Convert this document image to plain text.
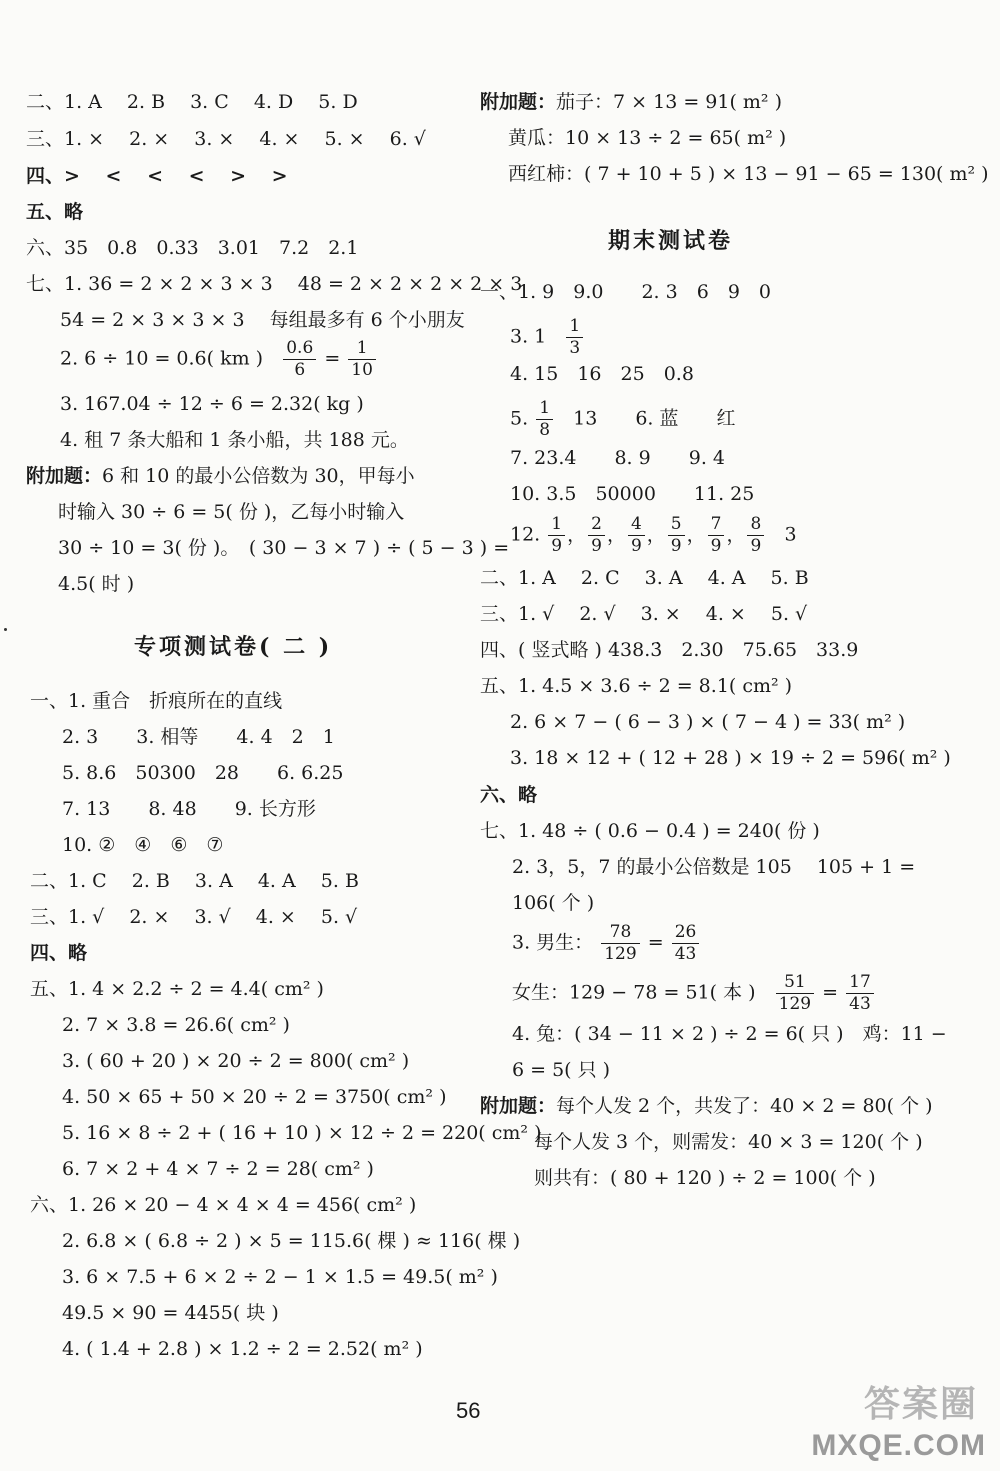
二、1. A　 2. B　 3. C　 4. D　 5. D
三、1. ×　 2. ×　 3. ×　 4. ×　 5. ×　 6. √
四、>　 <　 <　 <　 >　 >
五、略
六、35　0.8　0.33　3.01　7.2　2.1
七、1. 36 = 2 × 2 × 3 × 3　 48 = 2 × 2 × 2 × 2 × 3
54 = 2 × 3 × 3 × 3　 每组最多有 6 个小朋友
2. 6 ÷ 10 = 0.6( km ) $\frac{0.6}{6} = \frac{1}{10}$
3. 167.04 ÷ 12 ÷ 6 = 2.32( kg )
4. 租 7 条大船和 1 条小船，共 188 元。
附加题：6 和 10 的最小公倍数为 30，甲每小
时输入 30 ÷ 6 = 5( 份 )，乙每小时输入
30 ÷ 10 = 3( 份 )。　( 30 − 3 × 7 ) ÷ ( 5 − 3 ) =
4.5( 时 )
专项测试卷( 二 )
一、1. 重合　折痕所在的直线
2. 3　　3. 相等　　4. 4　2　1
5. 8.6　50300　28　　6. 6.25
7. 13　　8. 48　　9. 长方形
10. ②　④　⑥　⑦
二、1. C　 2. B　 3. A　 4. A　 5. B
三、1. √　 2. ×　 3. √　 4. ×　 5. √
四、略
五、1. 4 × 2.2 ÷ 2 = 4.4( cm² )
2. 7 × 3.8 = 26.6( cm² )
3. ( 60 + 20 ) × 20 ÷ 2 = 800( cm² )
4. 50 × 65 + 50 × 20 ÷ 2 = 3750( cm² )
5. 16 × 8 ÷ 2 + ( 16 + 10 ) × 12 ÷ 2 = 220( cm² )
6. 7 × 2 + 4 × 7 ÷ 2 = 28( cm² )
六、1. 26 × 20 − 4 × 4 × 4 = 456( cm² )
2. 6.8 × ( 6.8 ÷ 2 ) × 5 = 115.6( 棵 ) ≈ 116( 棵 )
3. 6 × 7.5 + 6 × 2 ÷ 2 − 1 × 1.5 = 49.5( m² )
49.5 × 90 = 4455( 块 )
4. ( 1.4 + 2.8 ) × 1.2 ÷ 2 = 2.52( m² )
附加题：茄子：7 × 13 = 91( m² )
黄瓜：10 × 13 ÷ 2 = 65( m² )
西红柿：( 7 + 10 + 5 ) × 13 − 91 − 65 = 130( m² )
期末测试卷
一、1. 9　9.0　　2. 3　6　9　0
3. $1 \frac{1}{3}$
4. 15　16　25　0.8
5. $\frac{1}{8} 13$　　6. 蓝　　红
7. 23.4　　8. 9　　9. 4
10. 3.5　50000　　11. 25
12. $\frac{1}{9}$ ， $\frac{2}{9}$ ， $\frac{4}{9}$ ， $\frac{5}{9}$ ， $\frac{7}{9}$ ， $\frac{8}{9} 3$
二、1. A　 2. C　 3. A　 4. A　 5. B
三、1. √　 2. √　 3. ×　 4. ×　 5. √
四、( 竖式略 ) 438.3̇　2.30　75.65　33.9
五、1. 4.5 × 3.6 ÷ 2 = 8.1( cm² )
2. 6 × 7 − ( 6 − 3 ) × ( 7 − 4 ) = 33( m² )
3. 18 × 12 + ( 12 + 28 ) × 19 ÷ 2 = 596( m² )
六、略
七、1. 48 ÷ ( 0.6 − 0.4 ) = 240( 份 )
2. 3，5，7 的最小公倍数是 105　 105 + 1 =
106( 个 )
3. 男生： $\frac{78}{129} = \frac{26}{43}$
女生：129 − 78 = 51( 本 ) $\frac{51}{129} = \frac{17}{43}$
4. 兔：( 34 − 11 × 2 ) ÷ 2 = 6( 只 )　鸡：11 −
6 = 5( 只 )
附加题：每个人发 2 个，共发了：40 × 2 = 80( 个 )
每个人发 3 个，则需发：40 × 3 = 120( 个 )
则共有：( 80 + 120 ) ÷ 2 = 100( 个 )
56	答案圈
MXQE.COM
